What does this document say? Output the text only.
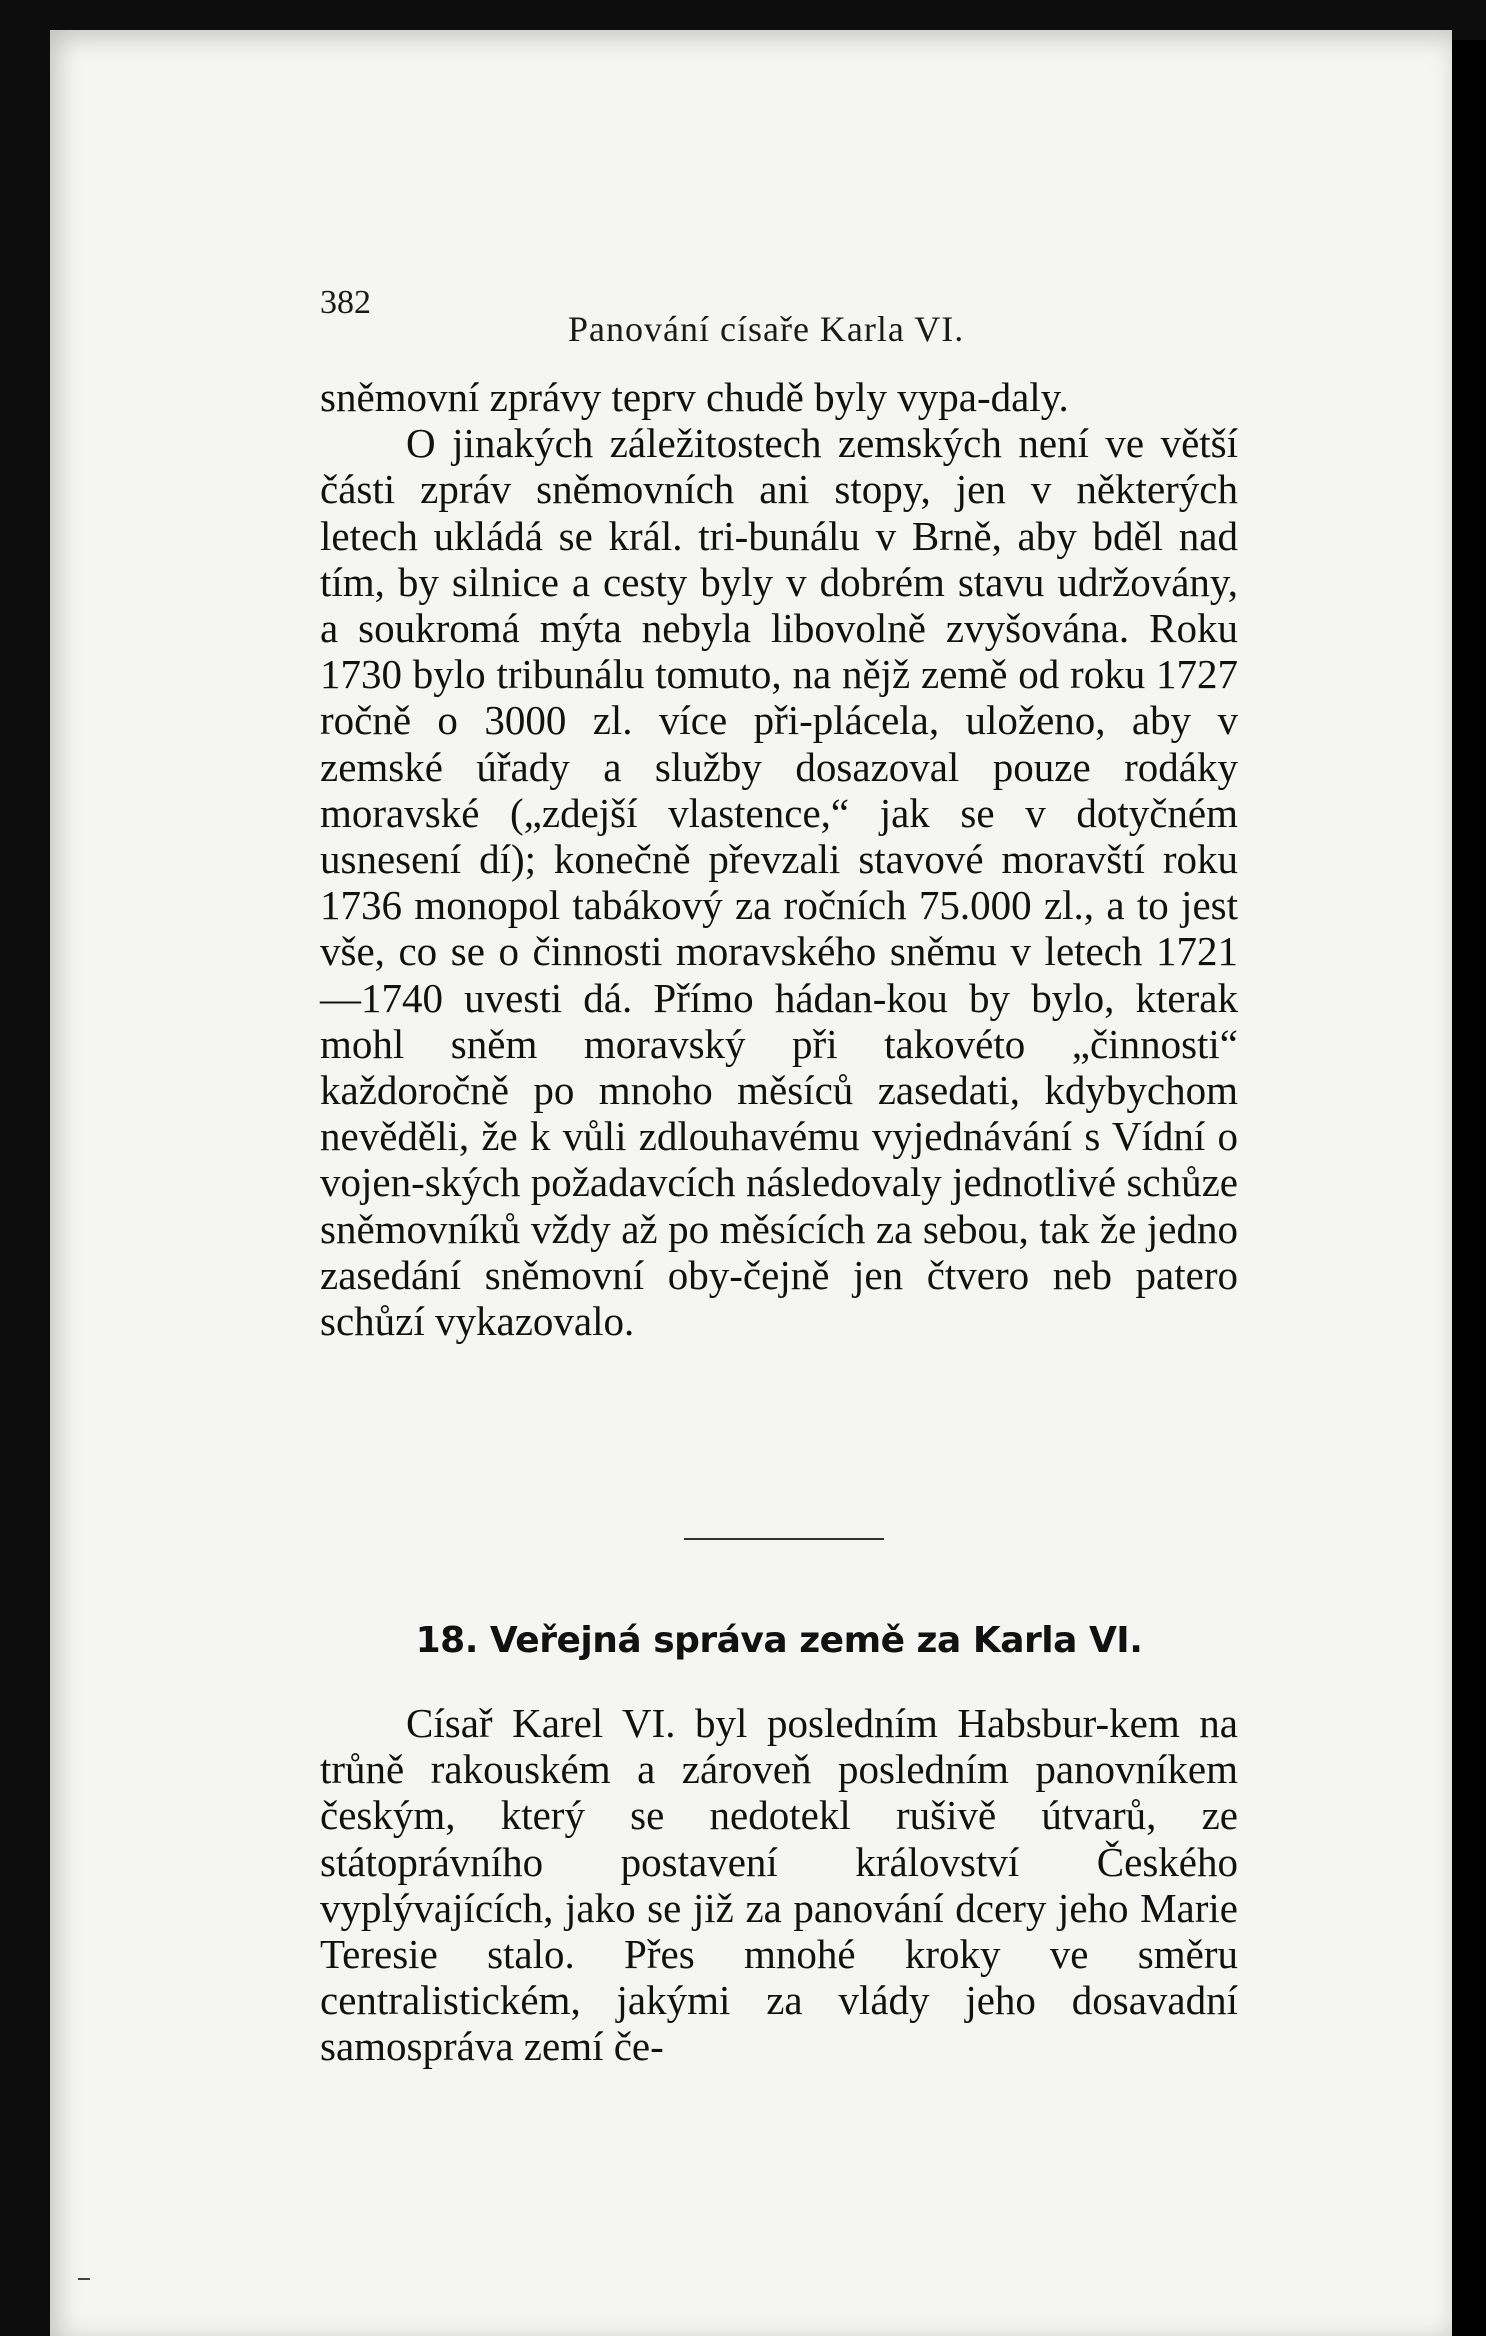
382
Panování císaře Karla VI.

sněmovní zprávy teprv chudě byly vypa-daly.

O jinakých záležitostech zemských není ve větší části zpráv sněmovních ani stopy, jen v některých letech ukládá se král. tri-bunálu v Brně, aby bděl nad tím, by silnice a cesty byly v dobrém stavu udržovány, a soukromá mýta nebyla libovolně zvyšována. Roku 1730 bylo tribunálu tomuto, na nějž země od roku 1727 ročně o 3000 zl. více při-plácela, uloženo, aby v zemské úřady a služby dosazoval pouze rodáky moravské („zdejší vlastence,“ jak se v dotyčném usnesení dí); konečně převzali stavové moravští roku 1736 monopol tabákový za ročních 75.000 zl., a to jest vše, co se o činnosti moravského sněmu v letech 1721—1740 uvesti dá. Přímo hádan-kou by bylo, kterak mohl sněm moravský při takovéto „činnosti“ každoročně po mnoho měsíců zasedati, kdybychom nevěděli, že k vůli zdlouhavému vyjednávání s Vídní o vojen-ských požadavcích následovaly jednotlivé schůze sněmovníků vždy až po měsících za sebou, tak že jedno zasedání sněmovní oby-čejně jen čtvero neb patero schůzí vykazovalo.

18. Veřejná správa země za Karla VI.

Císař Karel VI. byl posledním Habsbur-kem na trůně rakouském a zároveň posledním panovníkem českým, který se nedotekl rušivě útvarů, ze státoprávního postavení království Českého vyplývajících, jako se již za panování dcery jeho Marie Teresie stalo. Přes mnohé kroky ve směru centralistickém, jakými za vlády jeho dosavadní samospráva zemí če-
